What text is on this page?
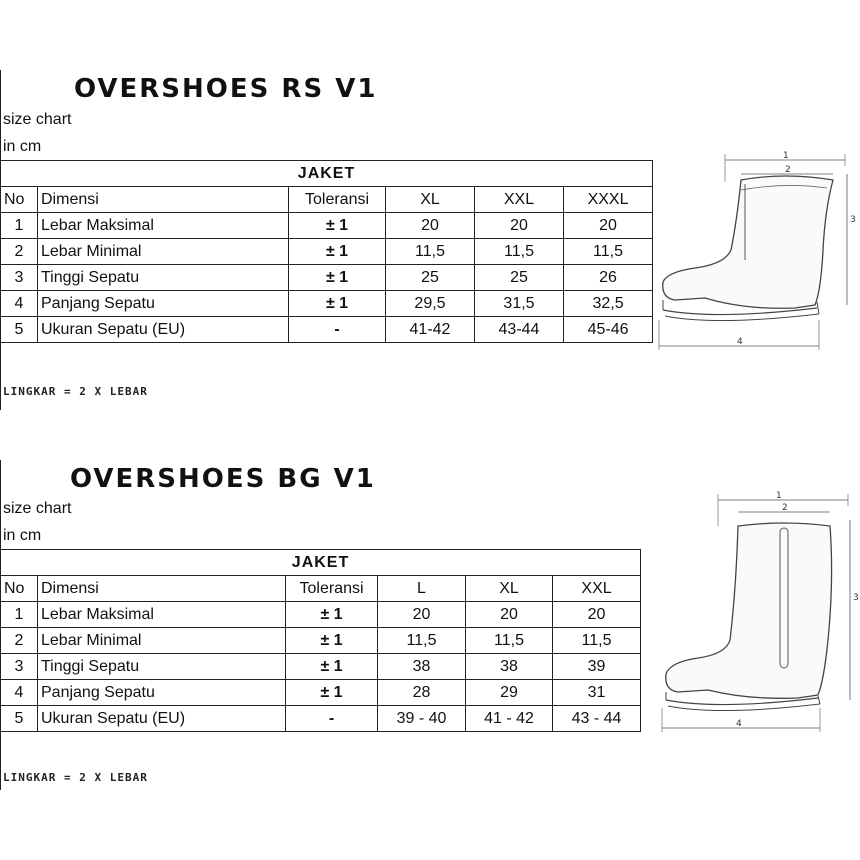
OVERSHOES RS V1
size chart
in cm
JAKET					
No	Dimensi	Toleransi	XL	XXL	XXXL
1	Lebar Maksimal	± 1	20	20	20
2	Lebar Minimal	± 1	11,5	11,5	11,5
3	Tinggi Sepatu	± 1	25	25	26
4	Panjang Sepatu	± 1	29,5	31,5	32,5
5	Ukuran Sepatu (EU)	-	41-42	43-44	45-46
LINGKAR = 2 X LEBAR
1
2
3
4
OVERSHOES BG V1
size chart
in cm
JAKET					
No	Dimensi	Toleransi	L	XL	XXL
1	Lebar Maksimal	± 1	20	20	20
2	Lebar Minimal	± 1	11,5	11,5	11,5
3	Tinggi Sepatu	± 1	38	38	39
4	Panjang Sepatu	± 1	28	29	31
5	Ukuran Sepatu (EU)	-	39 - 40	41 - 42	43 - 44
LINGKAR = 2 X LEBAR
1
2
3
4
